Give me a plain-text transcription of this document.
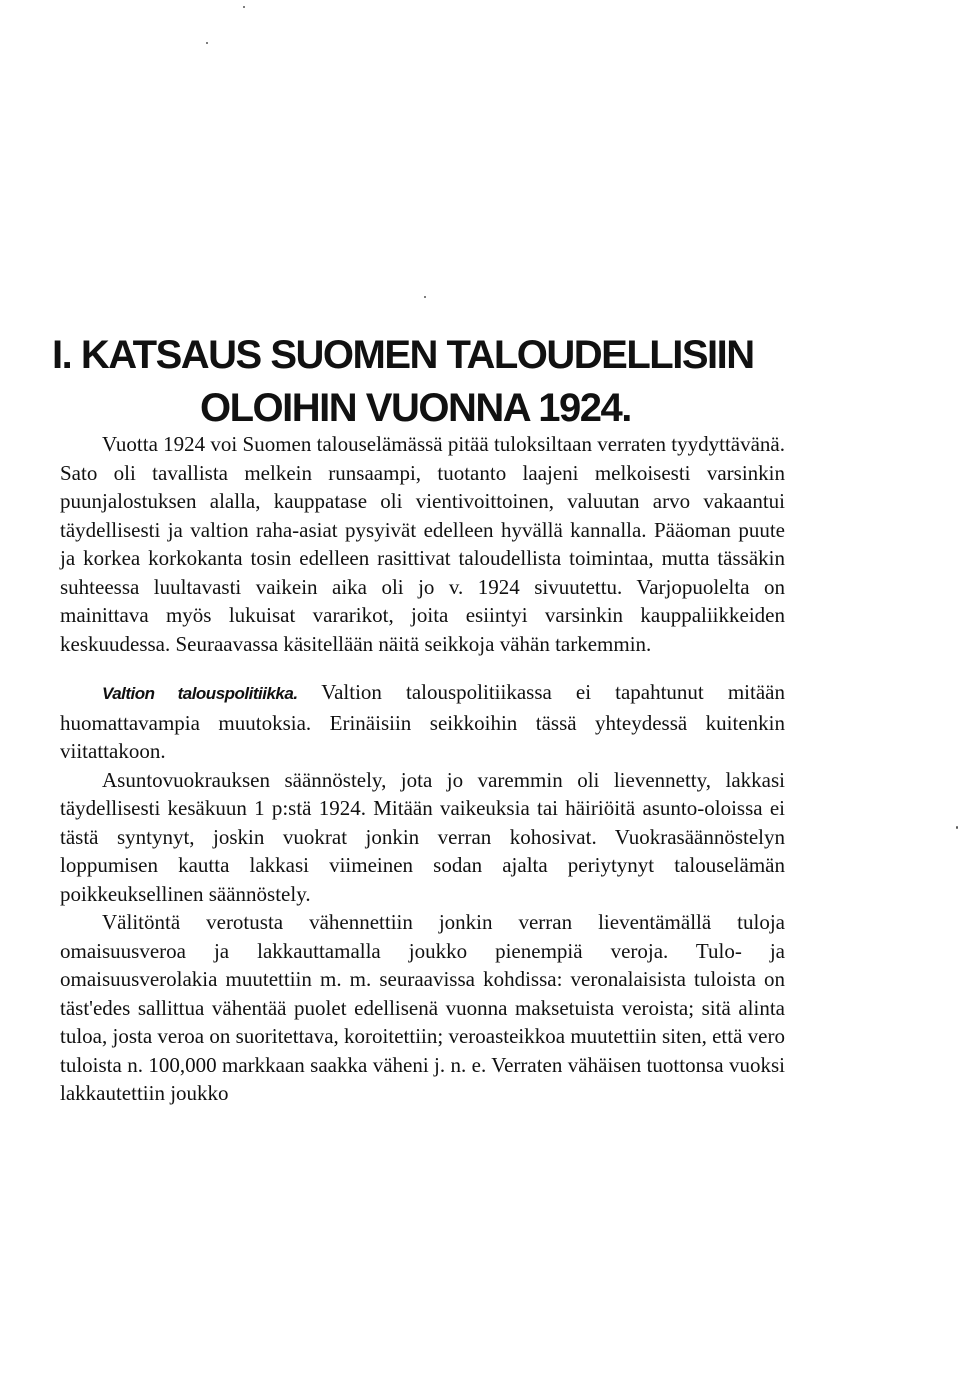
I. KATSAUS SUOMEN TALOUDELLISIIN
OLOIHIN VUONNA 1924.

Vuotta 1924 voi Suomen talouselämässä pitää tuloksiltaan verraten tyydyttävänä. Sato oli tavallista melkein runsaampi, tuotanto laajeni melkoisesti varsinkin puunjalostuksen alalla, kauppatase oli vientivoittoinen, valuutan arvo vakaantui täydellisesti ja valtion raha-asiat pysyivät edelleen hyvällä kannalla. Pääoman puute ja korkea korkokanta tosin edelleen rasittivat taloudellista toimintaa, mutta tässäkin suhteessa luultavasti vaikein aika oli jo v. 1924 sivuutettu. Varjopuolelta on mainittava myös lukuisat vararikot, joita esiintyi varsinkin kauppaliikkeiden keskuudessa. Seuraavassa käsitellään näitä seikkoja vähän tarkemmin.

Valtion talouspolitiikka. Valtion talouspolitiikassa ei tapahtunut mitään huomattavampia muutoksia. Erinäisiin seikkoihin tässä yhteydessä kuitenkin viitattakoon.

Asuntovuokrauksen säännöstely, jota jo varemmin oli lievennetty, lakkasi täydellisesti kesäkuun 1 p:stä 1924. Mitään vaikeuksia tai häiriöitä asunto-oloissa ei tästä syntynyt, joskin vuokrat jonkin verran kohosivat. Vuokrasäännöstelyn loppumisen kautta lakkasi viimeinen sodan ajalta periytynyt talouselämän poikkeuksellinen säännöstely.

Välitöntä verotusta vähennettiin jonkin verran lieventämällä tuloja omaisuusveroa ja lakkauttamalla joukko pienempiä veroja. Tulo- ja omaisuusverolakia muutettiin m. m. seuraavissa kohdissa: veronalaisista tuloista on täst'edes sallittua vähentää puolet edellisenä vuonna maksetuista veroista; sitä alinta tuloa, josta veroa on suoritettava, koroitettiin; veroasteikkoa muutettiin siten, että vero tuloista n. 100,000 markkaan saakka väheni j. n. e. Verraten vähäisen tuottonsa vuoksi lakkautettiin joukko
